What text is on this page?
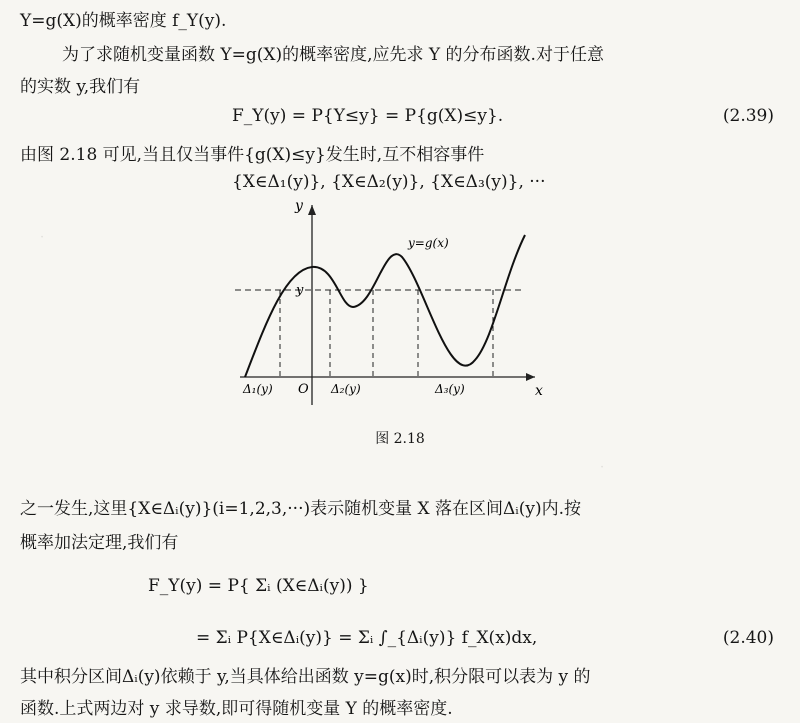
Y=g(X)的概率密度 f_Y(y).
为了求随机变量函数 Y=g(X)的概率密度,应先求 Y 的分布函数.对于任意
的实数 y,我们有
F_Y(y) = P{Y≤y} = P{g(X)≤y}.	(2.39)
由图 2.18 可见,当且仅当事件{g(X)≤y}发生时,互不相容事件
{X∈Δ₁(y)}, {X∈Δ₂(y)}, {X∈Δ₃(y)}, ···
·
·
y
x
O
y
y=g(x)
Δ₁(y)	Δ₂(y)	Δ₃(y)
图 2.18
之一发生,这里{X∈Δᵢ(y)}(i=1,2,3,···)表示随机变量 X 落在区间Δᵢ(y)内.按
概率加法定理,我们有
F_Y(y) = P{ Σᵢ (X∈Δᵢ(y)) }
= Σᵢ P{X∈Δᵢ(y)} = Σᵢ ∫_{Δᵢ(y)} f_X(x)dx,	(2.40)
其中积分区间Δᵢ(y)依赖于 y,当具体给出函数 y=g(x)时,积分限可以表为 y 的
函数.上式两边对 y 求导数,即可得随机变量 Y 的概率密度.
